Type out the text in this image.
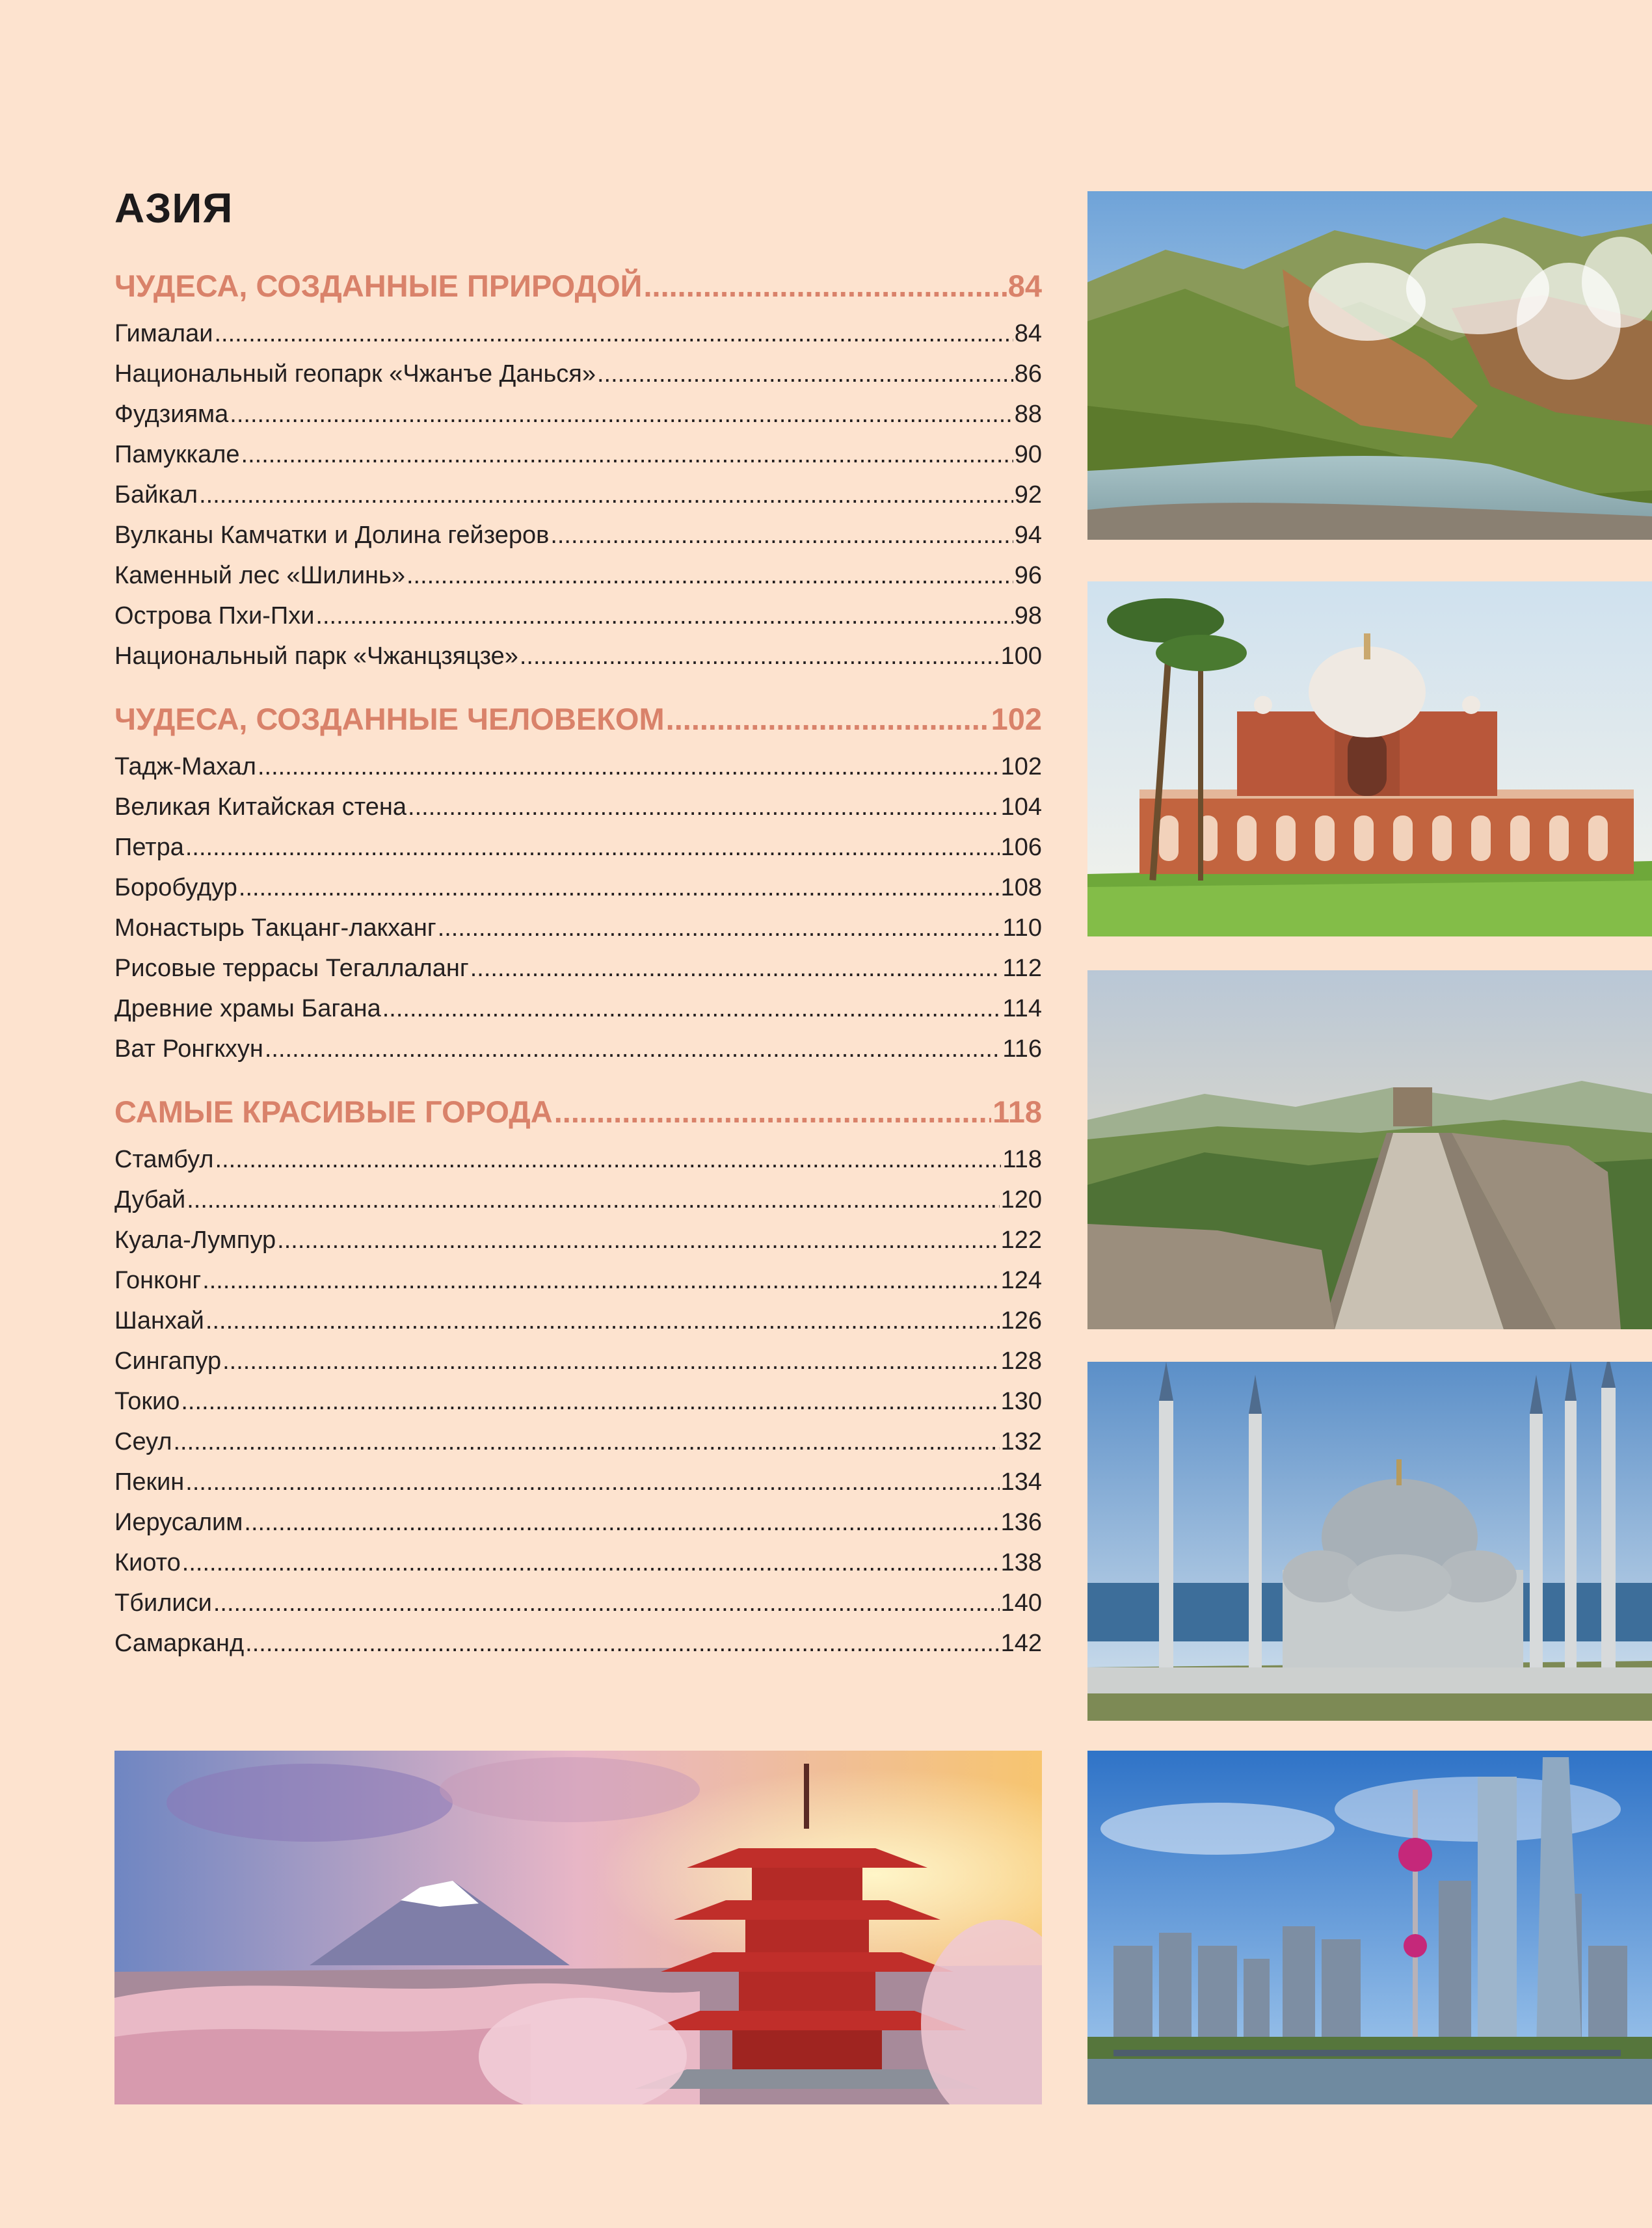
АЗИЯ
ЧУДЕСА, СОЗДАННЫЕ ПРИРОДОЙ .....	84
Гималаи .....	84
Национальный геопарк «Чжанъе Данься» .....	86
Фудзияма .....	88
Памуккале .....	90
Байкал .....	92
Вулканы Камчатки и Долина гейзеров .....	94
Каменный лес «Шилинь» .....	96
Острова Пхи-Пхи .....	98
Национальный парк «Чжанцзяцзе» .....	100
ЧУДЕСА, СОЗДАННЫЕ ЧЕЛОВЕКОМ .....	102
Тадж-Махал .....	102
Великая Китайская стена .....	104
Петра .....	106
Боробудур .....	108
Монастырь Такцанг-лакханг .....	110
Рисовые террасы Тегаллаланг .....	112
Древние храмы Багана .....	114
Ват Ронгкхун .....	116
САМЫЕ КРАСИВЫЕ ГОРОДА .....	118
Стамбул .....	118
Дубай .....	120
Куала-Лумпур .....	122
Гонконг .....	124
Шанхай .....	126
Сингапур .....	128
Токио .....	130
Сеул .....	132
Пекин .....	134
Иерусалим .....	136
Киото .....	138
Тбилиси .....	140
Самарканд .....	142
